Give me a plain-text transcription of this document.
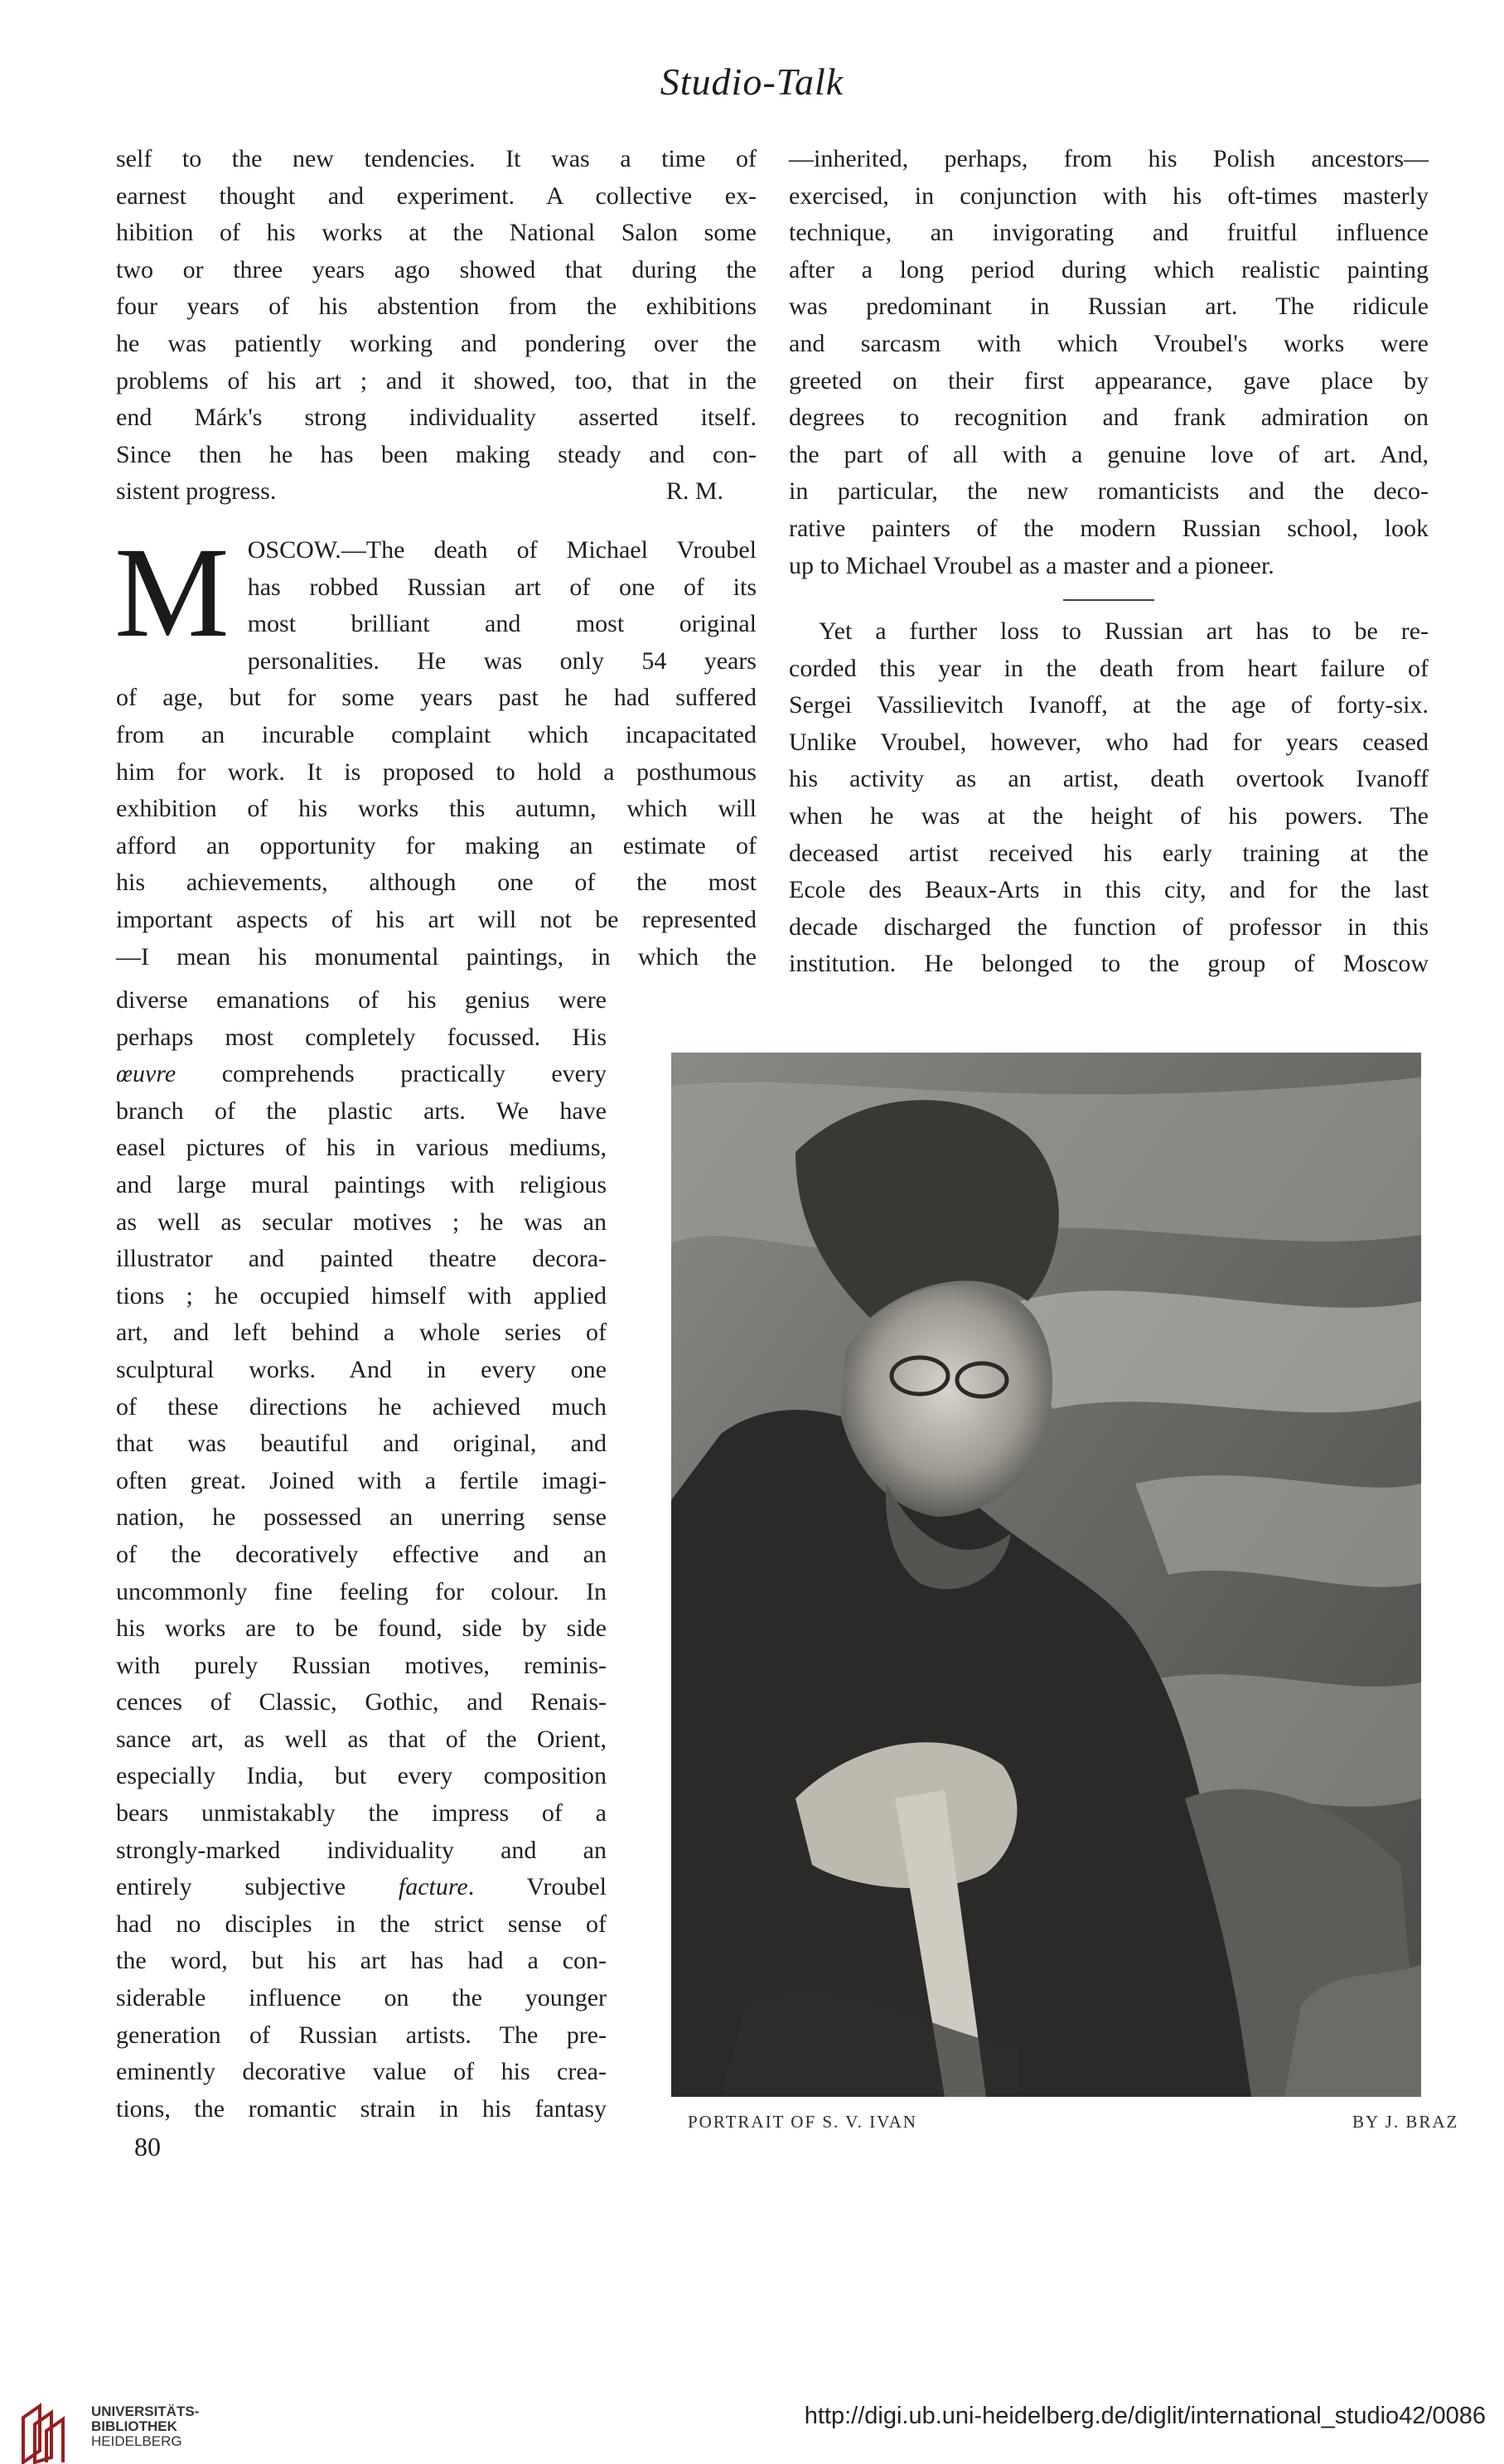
Studio-Talk
self to the new tendencies. It was a time of
earnest thought and experiment. A collective ex-
hibition of his works at the National Salon some
two or three years ago showed that during the
four years of his abstention from the exhibitions
he was patiently working and pondering over the
problems of his art ; and it showed, too, that in the
end Márk's strong individuality asserted itself.
Since then he has been making steady and con-
sistent progress.	R. M.
M OSCOW.—The death of Michael Vroubel
has robbed Russian art of one of its
most brilliant and most original
personalities. He was only 54 years
of age, but for some years past he had suffered
from an incurable complaint which incapacitated
him for work. It is proposed to hold a posthumous
exhibition of his works this autumn, which will
afford an opportunity for making an estimate of
his achievements, although one of the most
important aspects of his art will not be represented
—I mean his monumental paintings, in which the
diverse emanations of his genius were
perhaps most completely focussed. His
œuvre comprehends practically every
branch of the plastic arts. We have
easel pictures of his in various mediums,
and large mural paintings with religious
as well as secular motives ; he was an
illustrator and painted theatre decora-
tions ; he occupied himself with applied
art, and left behind a whole series of
sculptural works. And in every one
of these directions he achieved much
that was beautiful and original, and
often great. Joined with a fertile imagi-
nation, he possessed an unerring sense
of the decoratively effective and an
uncommonly fine feeling for colour. In
his works are to be found, side by side
with purely Russian motives, reminis-
cences of Classic, Gothic, and Renais-
sance art, as well as that of the Orient,
especially India, but every composition
bears unmistakably the impress of a
strongly-marked individuality and an
entirely subjective facture. Vroubel
had no disciples in the strict sense of
the word, but his art has had a con-
siderable influence on the younger
generation of Russian artists. The pre-
eminently decorative value of his crea-
tions, the romantic strain in his fantasy
—inherited, perhaps, from his Polish ancestors—
exercised, in conjunction with his oft-times masterly
technique, an invigorating and fruitful influence
after a long period during which realistic painting
was predominant in Russian art. The ridicule
and sarcasm with which Vroubel's works were
greeted on their first appearance, gave place by
degrees to recognition and frank admiration on
the part of all with a genuine love of art. And,
in particular, the new romanticists and the deco-
rative painters of the modern Russian school, look
up to Michael Vroubel as a master and a pioneer.
Yet a further loss to Russian art has to be re-
corded this year in the death from heart failure of
Sergei Vassilievitch Ivanoff, at the age of forty-six.
Unlike Vroubel, however, who had for years ceased
his activity as an artist, death overtook Ivanoff
when he was at the height of his powers. The
deceased artist received his early training at the
Ecole des Beaux-Arts in this city, and for the last
decade discharged the function of professor in this
institution. He belonged to the group of Moscow
PORTRAIT OF S. V. IVAN	BY J. BRAZ
80
UNIVERSITÄTS-
BIBLIOTHEK
HEIDELBERG
http://digi.ub.uni-heidelberg.de/diglit/international_studio42/0086
